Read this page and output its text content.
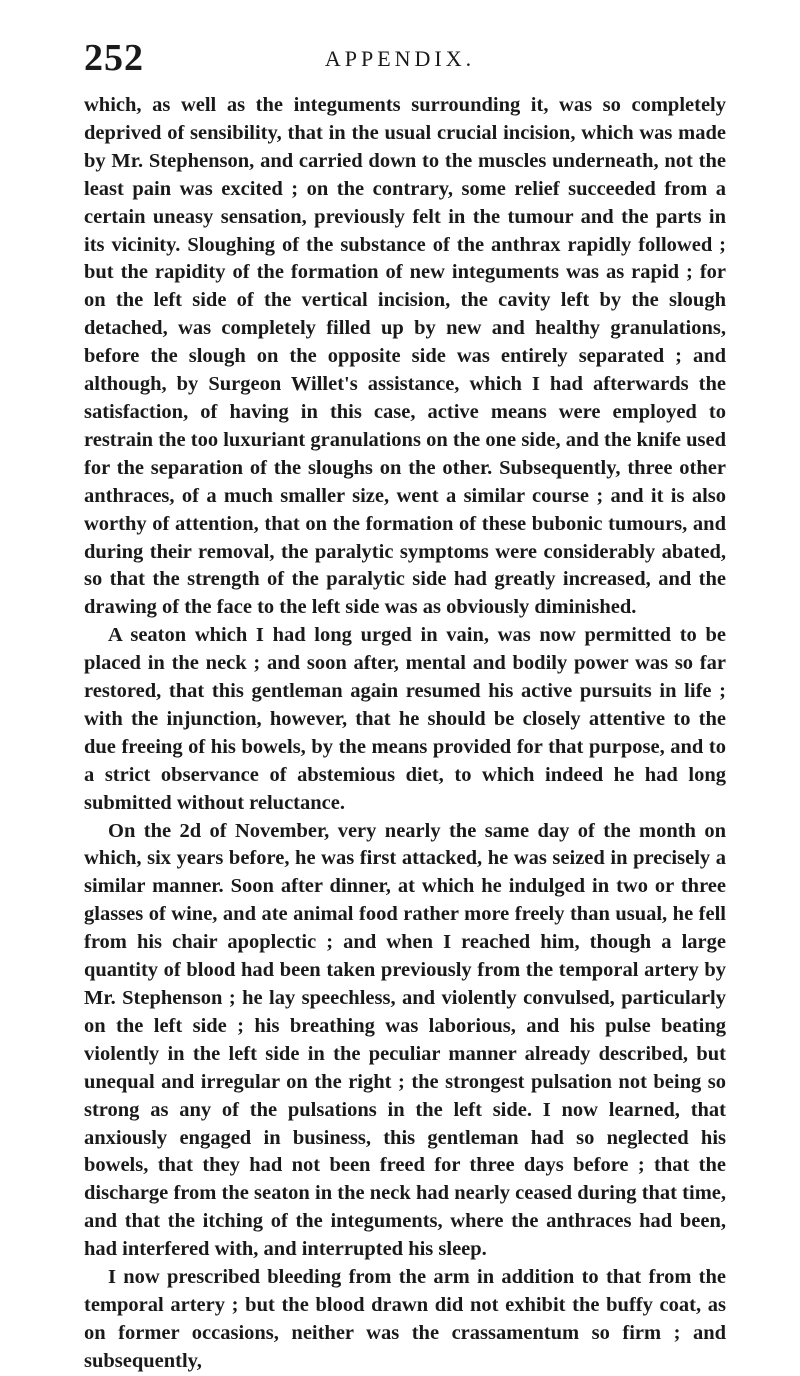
252	APPENDIX.

which, as well as the integuments surrounding it, was so completely deprived of sensibility, that in the usual crucial incision, which was made by Mr. Stephenson, and carried down to the muscles underneath, not the least pain was excited ; on the contrary, some relief succeeded from a certain uneasy sensation, previously felt in the tumour and the parts in its vicinity. Sloughing of the substance of the anthrax rapidly followed ; but the rapidity of the formation of new integuments was as rapid ; for on the left side of the vertical incision, the cavity left by the slough detached, was completely filled up by new and healthy granulations, before the slough on the opposite side was entirely separated ; and although, by Surgeon Willet's assistance, which I had afterwards the satisfaction, of having in this case, active means were employed to restrain the too luxuriant granulations on the one side, and the knife used for the separation of the sloughs on the other. Subsequently, three other anthraces, of a much smaller size, went a similar course ; and it is also worthy of attention, that on the formation of these bubonic tumours, and during their removal, the paralytic symptoms were considerably abated, so that the strength of the paralytic side had greatly increased, and the drawing of the face to the left side was as obviously diminished.

A seaton which I had long urged in vain, was now permitted to be placed in the neck ; and soon after, mental and bodily power was so far restored, that this gentleman again resumed his active pursuits in life ; with the injunction, however, that he should be closely attentive to the due freeing of his bowels, by the means provided for that purpose, and to a strict observance of abstemious diet, to which indeed he had long submitted without reluctance.

On the 2d of November, very nearly the same day of the month on which, six years before, he was first attacked, he was seized in precisely a similar manner. Soon after dinner, at which he indulged in two or three glasses of wine, and ate animal food rather more freely than usual, he fell from his chair apoplectic ; and when I reached him, though a large quantity of blood had been taken previously from the temporal artery by Mr. Stephenson ; he lay speechless, and violently convulsed, particularly on the left side ; his breathing was laborious, and his pulse beating violently in the left side in the peculiar manner already described, but unequal and irregular on the right ; the strongest pulsation not being so strong as any of the pulsations in the left side. I now learned, that anxiously engaged in business, this gentleman had so neglected his bowels, that they had not been freed for three days before ; that the discharge from the seaton in the neck had nearly ceased during that time, and that the itching of the integuments, where the anthraces had been, had interfered with, and interrupted his sleep.

I now prescribed bleeding from the arm in addition to that from the temporal artery ; but the blood drawn did not exhibit the buffy coat, as on former occasions, neither was the crassamentum so firm ; and subsequently,
